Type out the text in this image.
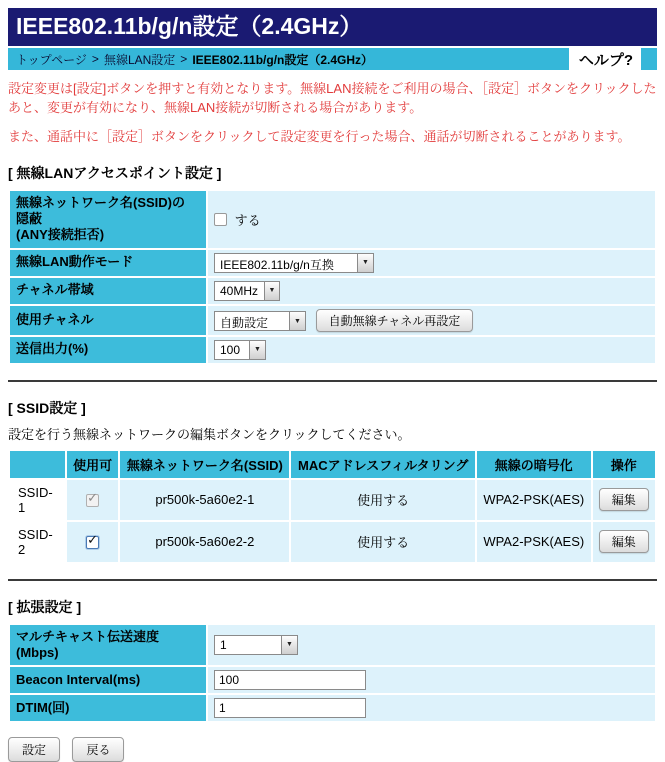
IEEE802.11b/g/n設定（2.4GHz）
トップページ > 無線LAN設定 > IEEE802.11b/g/n設定（2.4GHz）	ヘルプ?

設定変更は[設定]ボタンを押すと有効となります。無線LAN接続をご利用の場合、［設定］ボタンをクリックしたあと、変更が有効になり、無線LAN接続が切断される場合があります。

また、通話中に［設定］ボタンをクリックして設定変更を行った場合、通話が切断されることがあります。

[ 無線LANアクセスポイント設定 ]
無線ネットワーク名(SSID)の
隠蔽
(ANY接続拒否)	する
無線LAN動作モード	IEEE802.11b/g/n互換 ▼

チャネル帯域	40MHz ▼

使用チャネル	自動設定 ▼ 自動無線チャネル再設定
送信出力(%)	100 ▼
[ SSID設定 ]
設定を行う無線ネットワークの編集ボタンをクリックしてください。
	使用可	無線ネットワーク名(SSID)	MACアドレスフィルタリング	無線の暗号化	操作
SSID-1	✓	pr500k-5a60e2-1	使用する	WPA2-PSK(AES)	編集
SSID-2	✓	pr500k-5a60e2-2	使用する	WPA2-PSK(AES)	編集
[ 拡張設定 ]
マルチキャスト伝送速度
(Mbps)	1 ▼

Beacon Interval(ms)	100
DTIM(回)	1
設定	戻る
